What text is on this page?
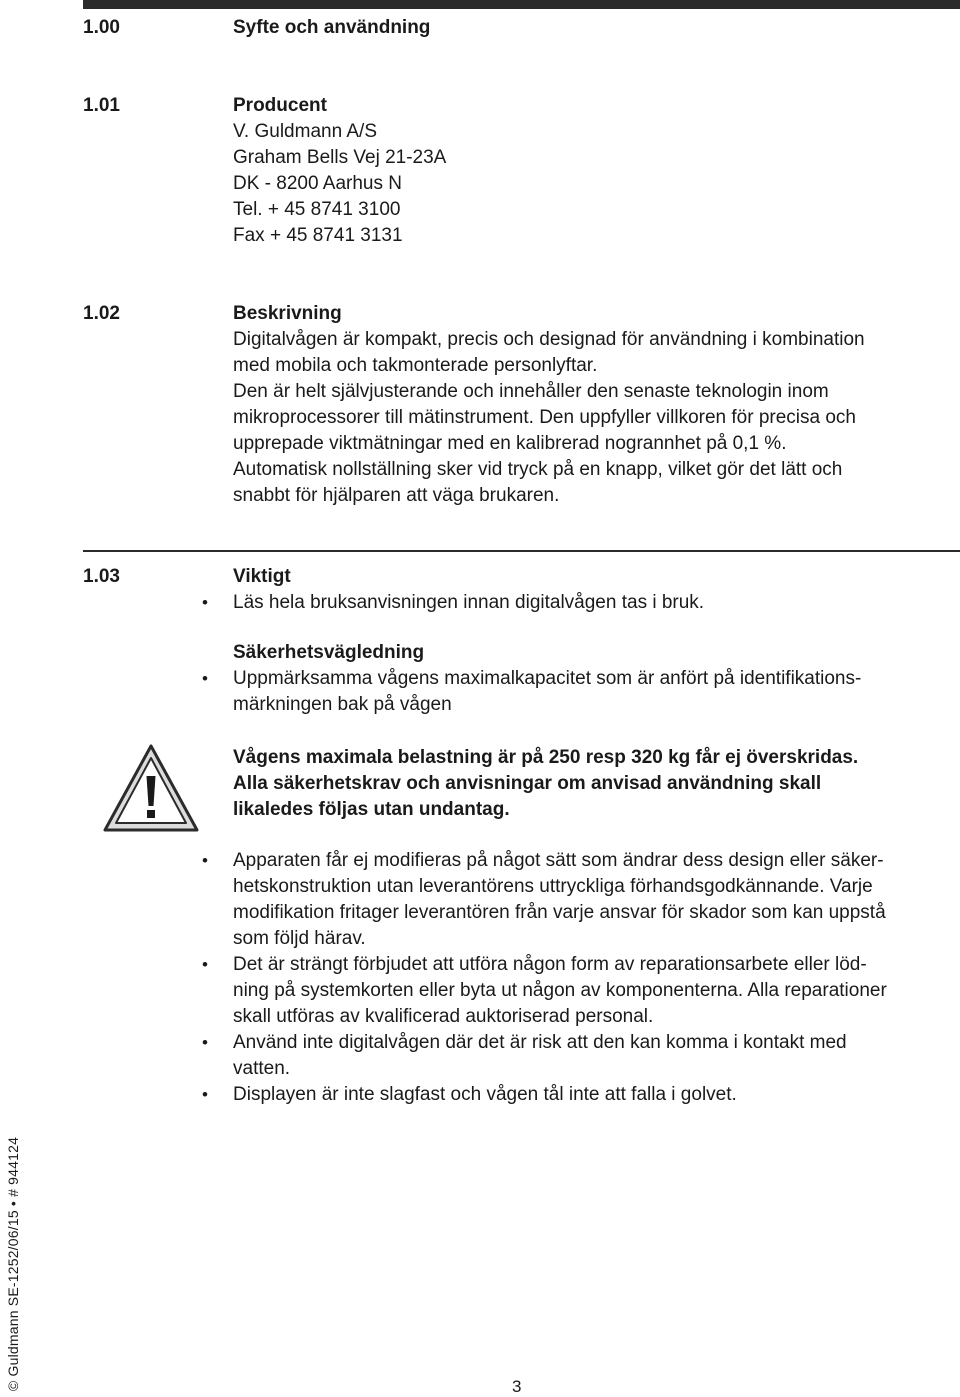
1.00	Syfte och användning
1.01	Producent
V. Guldmann A/S
Graham Bells Vej 21-23A
DK - 8200 Aarhus N
Tel. + 45 8741 3100
Fax + 45 8741 3131
1.02	Beskrivning
Digitalvågen är kompakt, precis och designad för användning i kombination
med mobila och takmonterade personlyftar.
Den är helt självjusterande och innehåller den senaste teknologin inom
mikroprocessorer till mätinstrument. Den uppfyller villkoren för precisa och
upprepade viktmätningar med en kalibrerad nogrannhet på 0,1 %.
Automatisk nollställning sker vid tryck på en knapp, vilket gör det lätt och
snabbt för hjälparen att väga brukaren.
1.03	Viktigt
• Läs hela bruksanvisningen innan digitalvågen tas i bruk.
Säkerhetsvägledning
• Uppmärksamma vågens maximalkapacitet som är anfört på identifikations-
märkningen bak på vågen
Vågens maximala belastning är på 250 resp 320 kg får ej överskridas.
Alla säkerhetskrav och anvisningar om anvisad användning skall
likaledes följas utan undantag.
• Apparaten får ej modifieras på något sätt som ändrar dess design eller säker-
hetskonstruktion utan leverantörens uttryckliga förhandsgodkännande. Varje
modifikation fritager leverantören från varje ansvar för skador som kan uppstå
som följd härav.
• Det är strängt förbjudet att utföra någon form av reparationsarbete eller löd-
ning på systemkorten eller byta ut någon av komponenterna. Alla reparationer
skall utföras av kvalificerad auktoriserad personal.
• Använd inte digitalvågen där det är risk att den kan komma i kontakt med
vatten.
• Displayen är inte slagfast och vågen tål inte att falla i golvet.
© Guldmann SE-1252/06/15 • # 944124	3
